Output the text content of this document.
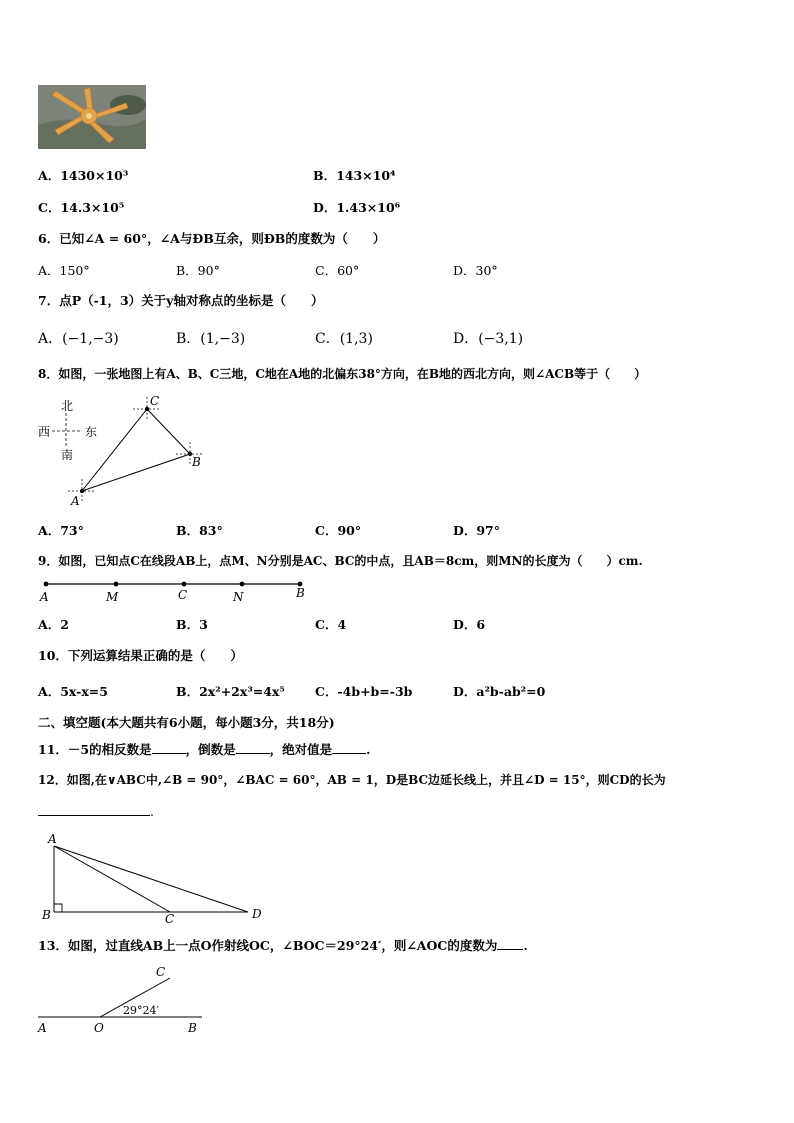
A．1430×10³	B．143×10⁴
C．14.3×10⁵	D．1.43×10⁶
6．已知∠A = 60°，∠A与ÐB互余，则ÐB的度数为（　　）
A．150°	B．90°	C．60°	D．30°
7．点P（-1，3）关于y轴对称点的坐标是（　　）
A．(−1,−3)	B．(1,−3)	C．(1,3)	D．(−3,1)
8．如图，一张地图上有A、B、C三地，C地在A地的北偏东38°方向，在B地的西北方向，则∠ACB等于（　　）
北
南
西	东
A
C
B
A．73°	B．83°	C．90°	D．97°
9．如图，已知点C在线段AB上，点M、N分别是AC、BC的中点，且AB＝8cm，则MN的长度为（　　）cm.
A	M	C	N	B
A．2	B．3	C．4	D．6
10．下列运算结果正确的是（　　）
A．5x-x=5	B．2x²+2x³=4x⁵ C．-4b+b=-3b	D．a²b-ab²=0
二、填空题(本大题共有6小题，每小题3分，共18分)
11．－5的相反数是	，倒数是	，绝对值是	.
12．如图,在∨ABC中,∠B = 90°，∠BAC = 60°，AB = 1，D是BC边延长线上，并且∠D = 15°，则CD的长为
.
A
B	C	D
13．如图，过直线AB上一点O作射线OC，∠BOC＝29°24′，则∠AOC的度数为 .
A	O	B
C
29°24′
